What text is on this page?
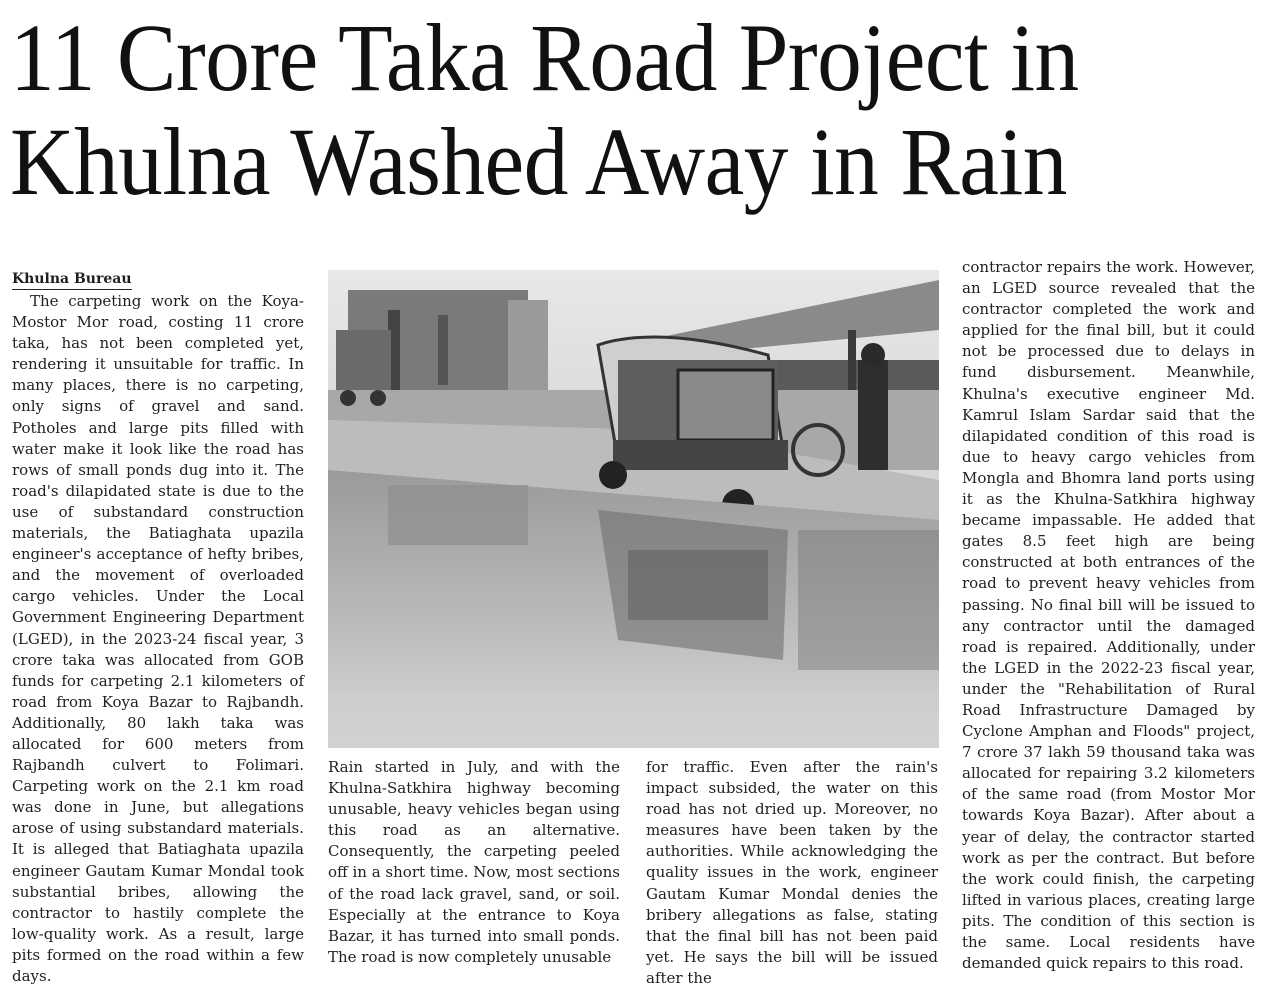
11 Crore Taka Road Project in
Khulna Washed Away in Rain
Khulna Bureau

The carpeting work on the Koya-Mostor Mor road, costing 11 crore taka, has not been completed yet, rendering it unsuitable for traffic. In many places, there is no carpeting, only signs of gravel and sand. Potholes and large pits filled with water make it look like the road has rows of small ponds dug into it. The road's dilapidated state is due to the use of substandard construction materials, the Batiaghata upazila engineer's acceptance of hefty bribes, and the movement of overloaded cargo vehicles. Under the Local Government Engineering Department (LGED), in the 2023-24 fiscal year, 3 crore taka was allocated from GOB funds for carpeting 2.1 kilometers of road from Koya Bazar to Rajbandh. Additionally, 80 lakh taka was allocated for 600 meters from Rajbandh culvert to Folimari. Carpeting work on the 2.1 km road was done in June, but allegations arose of using substandard materials. It is alleged that Batiaghata upazila engineer Gautam Kumar Mondal took substantial bribes, allowing the contractor to hastily complete the low-quality work. As a result, large pits formed on the road within a few days.

Rain started in July, and with the Khulna-Satkhira highway becoming unusable, heavy vehicles began using this road as an alternative. Consequently, the carpeting peeled off in a short time. Now, most sections of the road lack gravel, sand, or soil. Especially at the entrance to Koya Bazar, it has turned into small ponds. The road is now completely unusable

for traffic. Even after the rain's impact subsided, the water on this road has not dried up. Moreover, no measures have been taken by the authorities. While acknowledging the quality issues in the work, engineer Gautam Kumar Mondal denies the bribery allegations as false, stating that the final bill has not been paid yet. He says the bill will be issued after the

contractor repairs the work. However, an LGED source revealed that the contractor completed the work and applied for the final bill, but it could not be processed due to delays in fund disbursement. Meanwhile, Khulna's executive engineer Md. Kamrul Islam Sardar said that the dilapidated condition of this road is due to heavy cargo vehicles from Mongla and Bhomra land ports using it as the Khulna-Satkhira highway became impassable. He added that gates 8.5 feet high are being constructed at both entrances of the road to prevent heavy vehicles from passing. No final bill will be issued to any contractor until the damaged road is repaired. Additionally, under the LGED in the 2022-23 fiscal year, under the "Rehabilitation of Rural Road Infrastructure Damaged by Cyclone Amphan and Floods" project, 7 crore 37 lakh 59 thousand taka was allocated for repairing 3.2 kilometers of the same road (from Mostor Mor towards Koya Bazar). After about a year of delay, the contractor started work as per the contract. But before the work could finish, the carpeting lifted in various places, creating large pits. The condition of this section is the same. Local residents have demanded quick repairs to this road.
